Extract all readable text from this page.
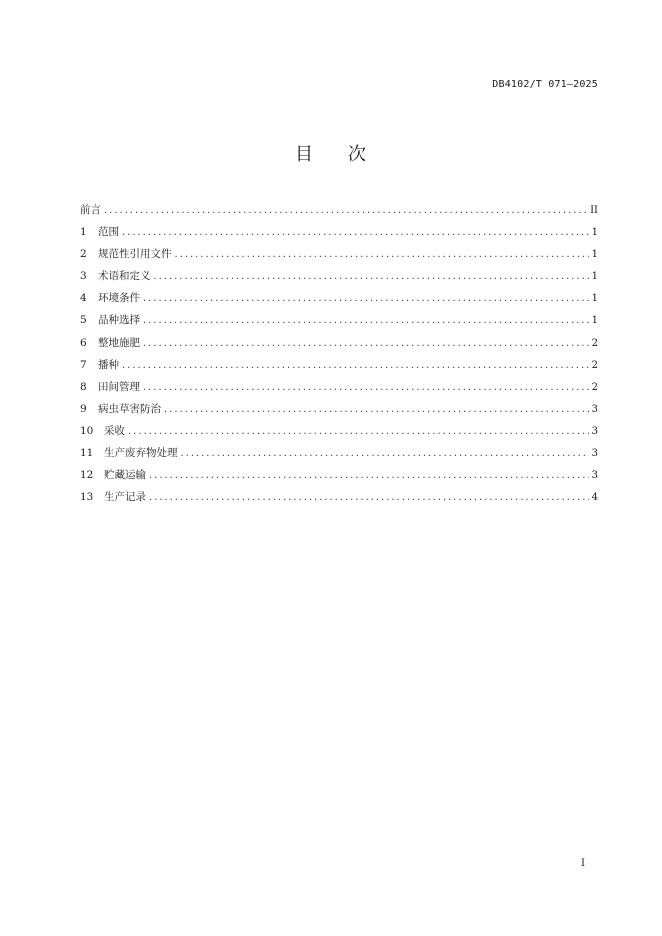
DB4102/T 071—2025
目 次
前言 . . .	II
1	范围 . . .	1
2	规范性引用文件 . . .	1
3	术语和定义 . . .	1
4	环境条件 . . .	1
5	品种选择 . . .	1
6	整地施肥 . . .	2
7	播种 . . .	2
8	田间管理 . . .	2
9	病虫草害防治 . . .	3
10	采收 . . .	3
11	生产废弃物处理 . . .	3
12	贮藏运输 . . .	3
13	生产记录 . . .	4
I
